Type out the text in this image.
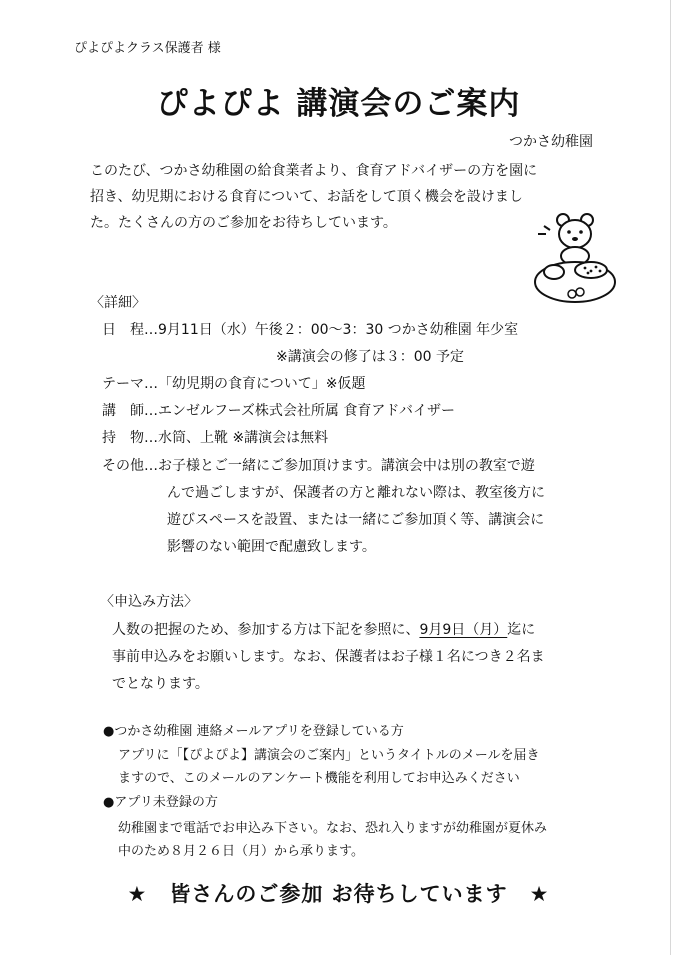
ぴよぴよクラス保護者 様
ぴよぴよ 講演会のご案内
つかさ幼稚園
このたび、つかさ幼稚園の給食業者より、食育アドバイザーの方を園に
招き、幼児期における食育について、お話をして頂く機会を設けまし
た。たくさんの方のご参加をお待ちしています。
〈詳細〉
日　程…9月11日（水）午後２：00～3：30 つかさ幼稚園 年少室
※講演会の修了は３：00 予定
テーマ…「幼児期の食育について」※仮題
講　師…エンゼルフーズ株式会社所属 食育アドバイザー
持　物…水筒、上靴 ※講演会は無料
その他…お子様とご一緒にご参加頂けます。講演会中は別の教室で遊
んで過ごしますが、保護者の方と離れない際は、教室後方に
遊びスペースを設置、または一緒にご参加頂く等、講演会に
影響のない範囲で配慮致します。
〈申込み方法〉
人数の把握のため、参加する方は下記を参照に、9月9日（月）迄に
事前申込みをお願いします。なお、保護者はお子様１名につき２名ま
でとなります。
●つかさ幼稚園 連絡メールアプリを登録している方
アプリに「【ぴよぴよ】講演会のご案内」というタイトルのメールを届き
ますので、このメールのアンケート機能を利用してお申込みください
●アプリ未登録の方
幼稚園まで電話でお申込み下さい。なお、恐れ入りますが幼稚園が夏休み
中のため８月２６日（月）から承ります。
★　 皆さんのご参加 お待ちしています　 ★
